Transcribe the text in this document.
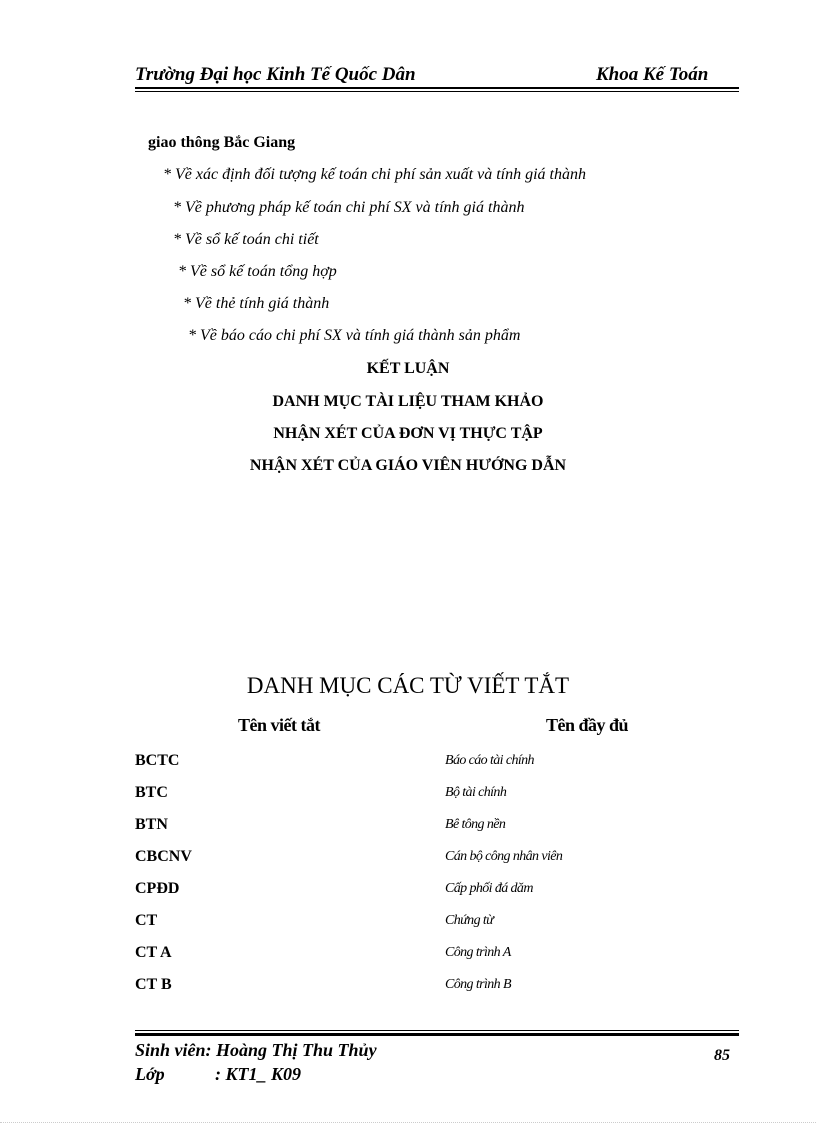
Trường Đại học Kinh Tế Quốc Dân	Khoa Kế Toán
giao thông Bắc Giang
* Về xác định đối tượng kế toán chi phí sản xuất và tính giá thành
* Về phương pháp kế toán chi phí SX và tính giá thành
* Về sổ kế toán chi tiết
* Về sổ kế toán tổng hợp
* Về thẻ tính giá thành
* Về báo cáo chi phí SX và tính giá thành sản phẩm
KẾT LUẬN
DANH MỤC TÀI LIỆU THAM KHẢO
NHẬN XÉT CỦA ĐƠN VỊ THỰC TẬP
NHẬN XÉT CỦA GIÁO VIÊN HƯỚNG DẪN
DANH MỤC CÁC TỪ VIẾT TẮT
Tên viết tắt	Tên đầy đủ
BCTC	Báo cáo tài chính
BTC	Bộ tài chính
BTN	Bê tông nền
CBCNV	Cán bộ công nhân viên
CPĐD	Cấp phối đá dăm
CT	Chứng từ
CT A	Công trình A
CT B	Công trình B
Sinh viên: Hoàng Thị Thu Thủy	85
Lớp	: KT1_ K09
